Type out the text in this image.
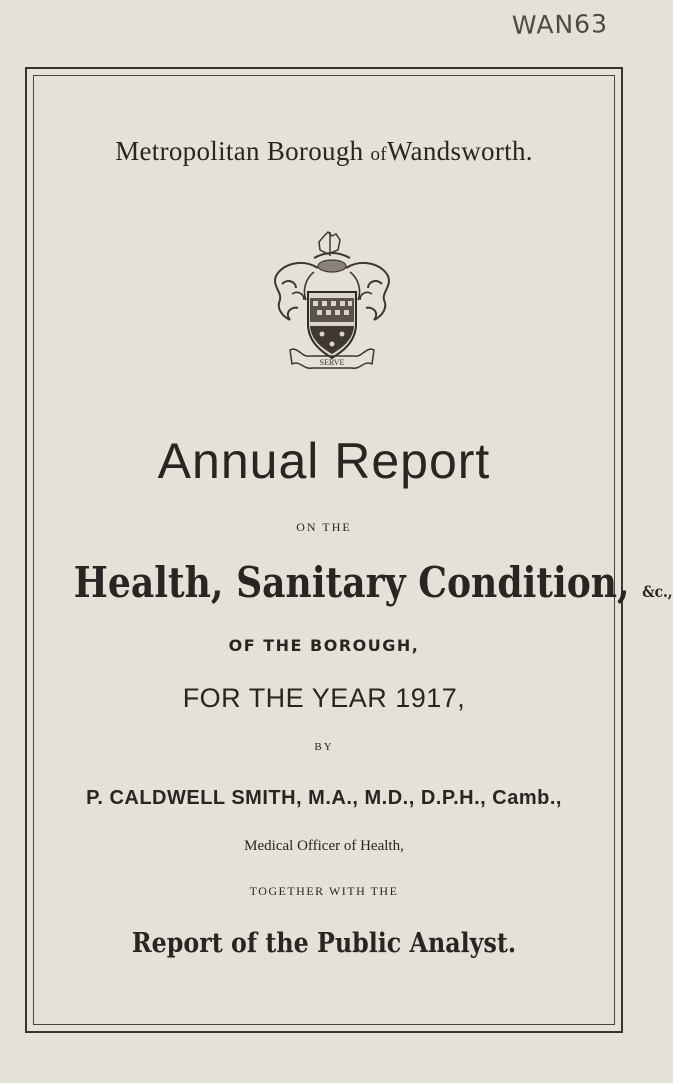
WAN63
Metropolitan Borough ofWandsworth.
SERVE
Annual Report
ON THE
Health, Sanitary Condition, &c.,
OF THE BOROUGH,
FOR THE YEAR 1917,
BY
P. CALDWELL SMITH, M.A., M.D., D.P.H., Camb.,
Medical Officer of Health,
TOGETHER WITH THE
Report of the Public Analyst.
